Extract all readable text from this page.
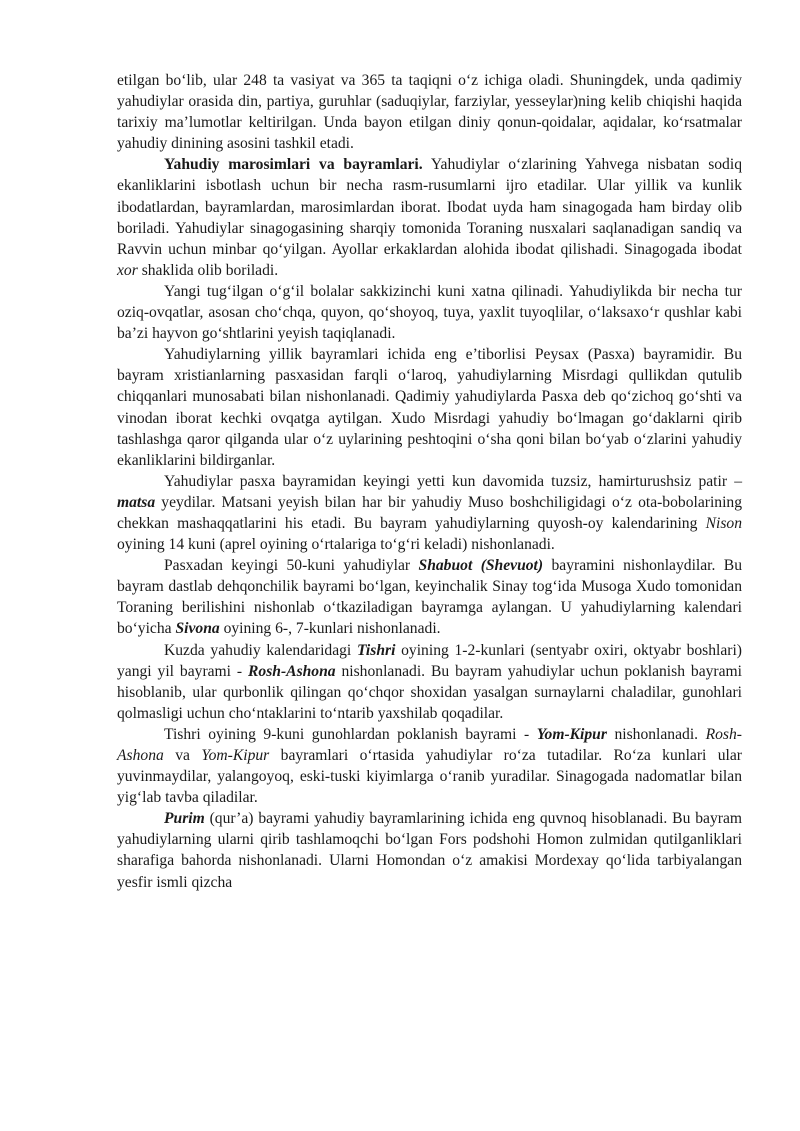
etilgan bo‘lib, ular 248 ta vasiyat va 365 ta taqiqni o‘z ichiga oladi. Shuningdek, unda qadimiy yahudiylar orasida din, partiya, guruhlar (saduqiylar, farziylar, yesseylar)ning kelib chiqishi haqida tarixiy ma’lumotlar keltirilgan. Unda bayon etilgan diniy qonun-qoidalar, aqidalar, ko‘rsatmalar yahudiy dinining asosini tashkil etadi.

Yahudiy marosimlari va bayramlari. Yahudiylar o‘zlarining Yahvega nisbatan sodiq ekanliklarini isbotlash uchun bir necha rasm-rusumlarni ijro etadilar. Ular yillik va kunlik ibodatlardan, bayramlardan, marosimlardan iborat. Ibodat uyda ham sinagogada ham birday olib boriladi. Yahudiylar sinagogasining sharqiy tomonida Toraning nusxalari saqlanadigan sandiq va Ravvin uchun minbar qo‘yilgan. Ayollar erkaklardan alohida ibodat qilishadi. Sinagogada ibodat xor shaklida olib boriladi.

Yangi tug‘ilgan o‘g‘il bolalar sakkizinchi kuni xatna qilinadi. Yahudiylikda bir necha tur oziq-ovqatlar, asosan cho‘chqa, quyon, qo‘shoyoq, tuya, yaxlit tuyoqlilar, o‘laksaxo‘r qushlar kabi ba’zi hayvon go‘shtlarini yeyish taqiqlanadi.

Yahudiylarning yillik bayramlari ichida eng e’tiborlisi Peysax (Pasxa) bayramidir. Bu bayram xristianlarning pasxasidan farqli o‘laroq, yahudiylarning Misrdagi qullikdan qutulib chiqqanlari munosabati bilan nishonlanadi. Qadimiy yahudiylarda Pasxa deb qo‘zichoq go‘shti va vinodan iborat kechki ovqatga aytilgan. Xudo Misrdagi yahudiy bo‘lmagan go‘daklarni qirib tashlashga qaror qilganda ular o‘z uylarining peshtoqini o‘sha qoni bilan bo‘yab o‘zlarini yahudiy ekanliklarini bildirganlar.

Yahudiylar pasxa bayramidan keyingi yetti kun davomida tuzsiz, hamirturushsiz patir – matsa yeydilar. Matsani yeyish bilan har bir yahudiy Muso boshchiligidagi o‘z ota-bobolarining chekkan mashaqqatlarini his etadi. Bu bayram yahudiylarning quyosh-oy kalendarining Nison oyining 14 kuni (aprel oyining o‘rtalariga to‘g‘ri keladi) nishonlanadi.

Pasxadan keyingi 50-kuni yahudiylar Shabuot (Shevuot) bayramini nishonlaydilar. Bu bayram dastlab dehqonchilik bayrami bo‘lgan, keyinchalik Sinay tog‘ida Musoga Xudo tomonidan Toraning berilishini nishonlab o‘tkaziladigan bayramga aylangan. U yahudiylarning kalendari bo‘yicha Sivona oyining 6-, 7-kunlari nishonlanadi.

Kuzda yahudiy kalendaridagi Tishri oyining 1-2-kunlari (sentyabr oxiri, oktyabr boshlari) yangi yil bayrami - Rosh-Ashona nishonlanadi. Bu bayram yahudiylar uchun poklanish bayrami hisoblanib, ular qurbonlik qilingan qo‘chqor shoxidan yasalgan surnaylarni chaladilar, gunohlari qolmasligi uchun cho‘ntaklarini to‘ntarib yaxshilab qoqadilar.

Tishri oyining 9-kuni gunohlardan poklanish bayrami - Yom-Kipur nishonlanadi. Rosh-Ashona va Yom-Kipur bayramlari o‘rtasida yahudiylar ro‘za tutadilar. Ro‘za kunlari ular yuvinmaydilar, yalangoyoq, eski-tuski kiyimlarga o‘ranib yuradilar. Sinagogada nadomatlar bilan yig‘lab tavba qiladilar.

Purim (qur’a) bayrami yahudiy bayramlarining ichida eng quvnoq hisoblanadi. Bu bayram yahudiylarning ularni qirib tashlamoqchi bo‘lgan Fors podshohi Homon zulmidan qutilganliklari sharafiga bahorda nishonlanadi. Ularni Homondan o‘z amakisi Mordexay qo‘lida tarbiyalangan yesfir ismli qizcha
